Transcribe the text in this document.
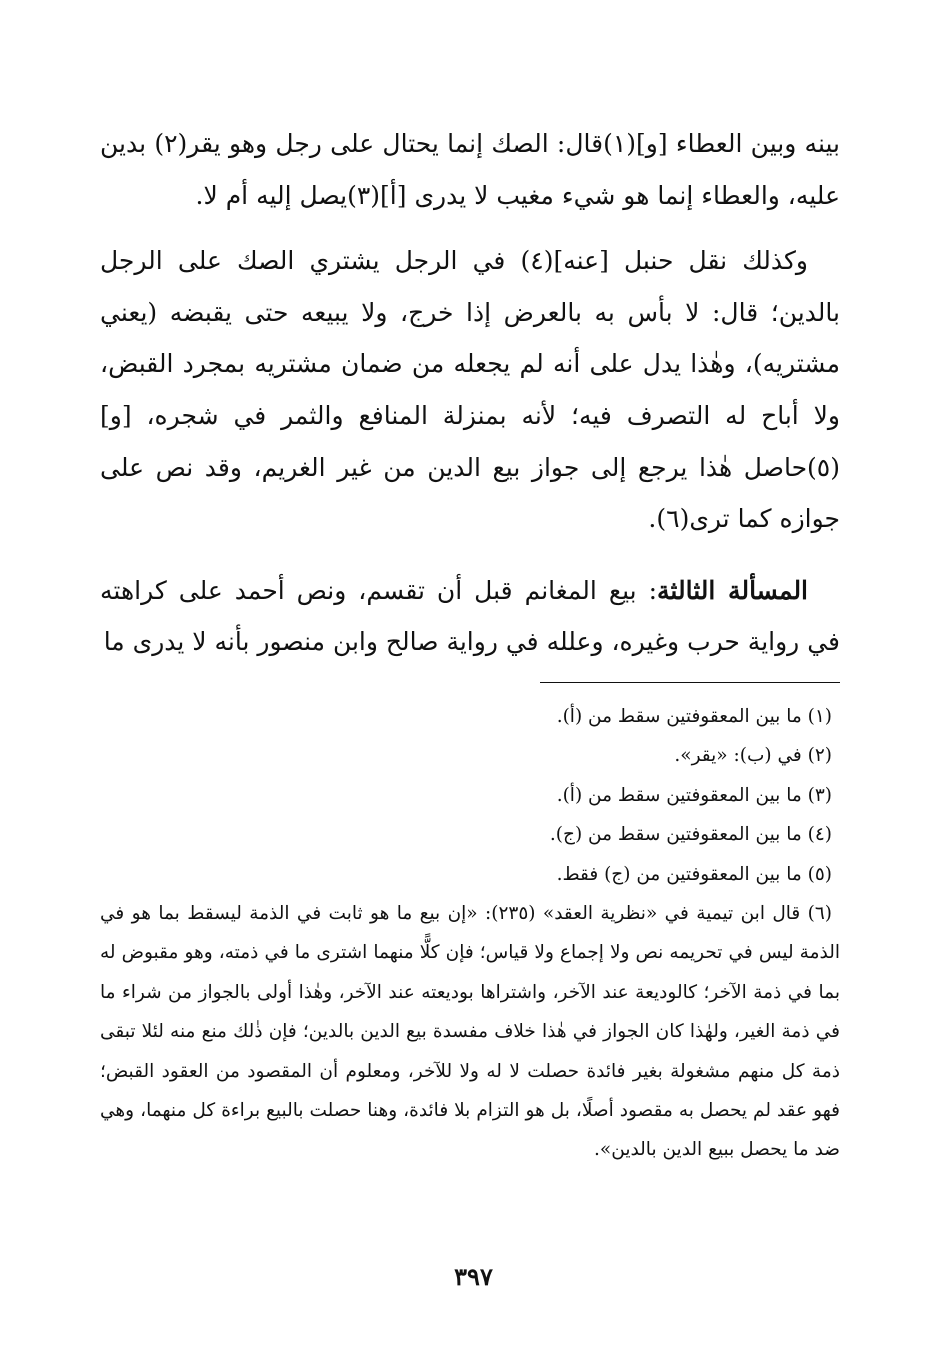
بينه وبين العطاء [و](١)قال: الصك إنما يحتال على رجل وهو يقر(٢) بدين عليه، والعطاء إنما هو شيء مغيب لا يدرى [أ](٣)يصل إليه أم لا.

وكذلك نقل حنبل [عنه](٤) في الرجل يشتري الصك على الرجل بالدين؛ قال: لا بأس به بالعرض إذا خرج، ولا يبيعه حتى يقبضه (يعني مشتريه)، وهٰذا يدل على أنه لم يجعله من ضمان مشتريه بمجرد القبض، ولا أباح له التصرف فيه؛ لأنه بمنزلة المنافع والثمر في شجره، [و](٥)حاصل هٰذا يرجع إلى جواز بيع الدين من غير الغريم، وقد نص على جوازه كما ترى(٦).

المسألة الثالثة: بيع المغانم قبل أن تقسم، ونص أحمد على كراهته في رواية حرب وغيره، وعلله في رواية صالح وابن منصور بأنه لا يدرى ما

(١) ما بين المعقوفتين سقط من (أ).

(٢) في (ب): «يقر».

(٣) ما بين المعقوفتين سقط من (أ).

(٤) ما بين المعقوفتين سقط من (ج).

(٥) ما بين المعقوفتين من (ج) فقط.

(٦) قال ابن تيمية في «نظرية العقد» (٢٣٥): «إن بيع ما هو ثابت في الذمة ليسقط بما هو في الذمة ليس في تحريمه نص ولا إجماع ولا قياس؛ فإن كلًّا منهما اشترى ما في ذمته، وهو مقبوض له بما في ذمة الآخر؛ كالوديعة عند الآخر، واشتراها بوديعته عند الآخر، وهٰذا أولى بالجواز من شراء ما في ذمة الغير، ولهٰذا كان الجواز في هٰذا خلاف مفسدة بيع الدين بالدين؛ فإن ذٰلك منع منه لئلا تبقى ذمة كل منهم مشغولة بغير فائدة حصلت لا له ولا للآخر، ومعلوم أن المقصود من العقود القبض؛ فهو عقد لم يحصل به مقصود أصلًا، بل هو التزام بلا فائدة، وهنا حصلت بالبيع براءة كل منهما، وهي ضد ما يحصل ببيع الدين بالدين».

٣٩٧
